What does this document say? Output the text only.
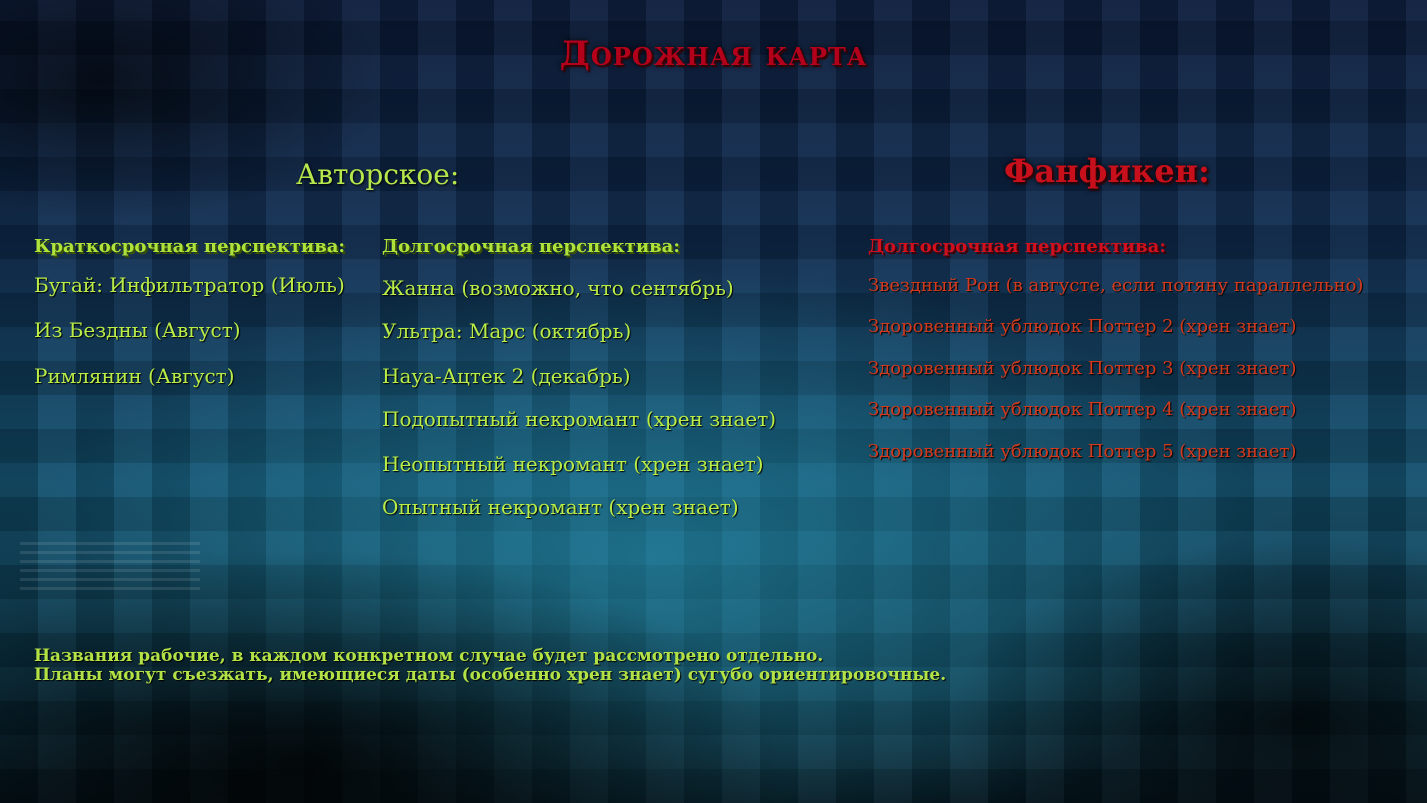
Дорожная карта
Авторское:	Фанфикен:
Краткосрочная перспектива:
Бугай: Инфильтратор (Июль)
Из Бездны (Август)
Римлянин (Август)
Долгосрочная перспектива:
Жанна (возможно, что сентябрь)
Ультра: Марс (октябрь)
Науа-Ацтек 2 (декабрь)
Подопытный некромант (хрен знает)
Неопытный некромант (хрен знает)
Опытный некромант (хрен знает)
Долгосрочная перспектива:
Звездный Рон (в августе, если потяну параллельно)
Здоровенный ублюдок Поттер 2 (хрен знает)
Здоровенный ублюдок Поттер 3 (хрен знает)
Здоровенный ублюдок Поттер 4 (хрен знает)
Здоровенный ублюдок Поттер 5 (хрен знает)
Названия рабочие, в каждом конкретном случае будет рассмотрено отдельно.
Планы могут съезжать, имеющиеся даты (особенно хрен знает) сугубо ориентировочные.
